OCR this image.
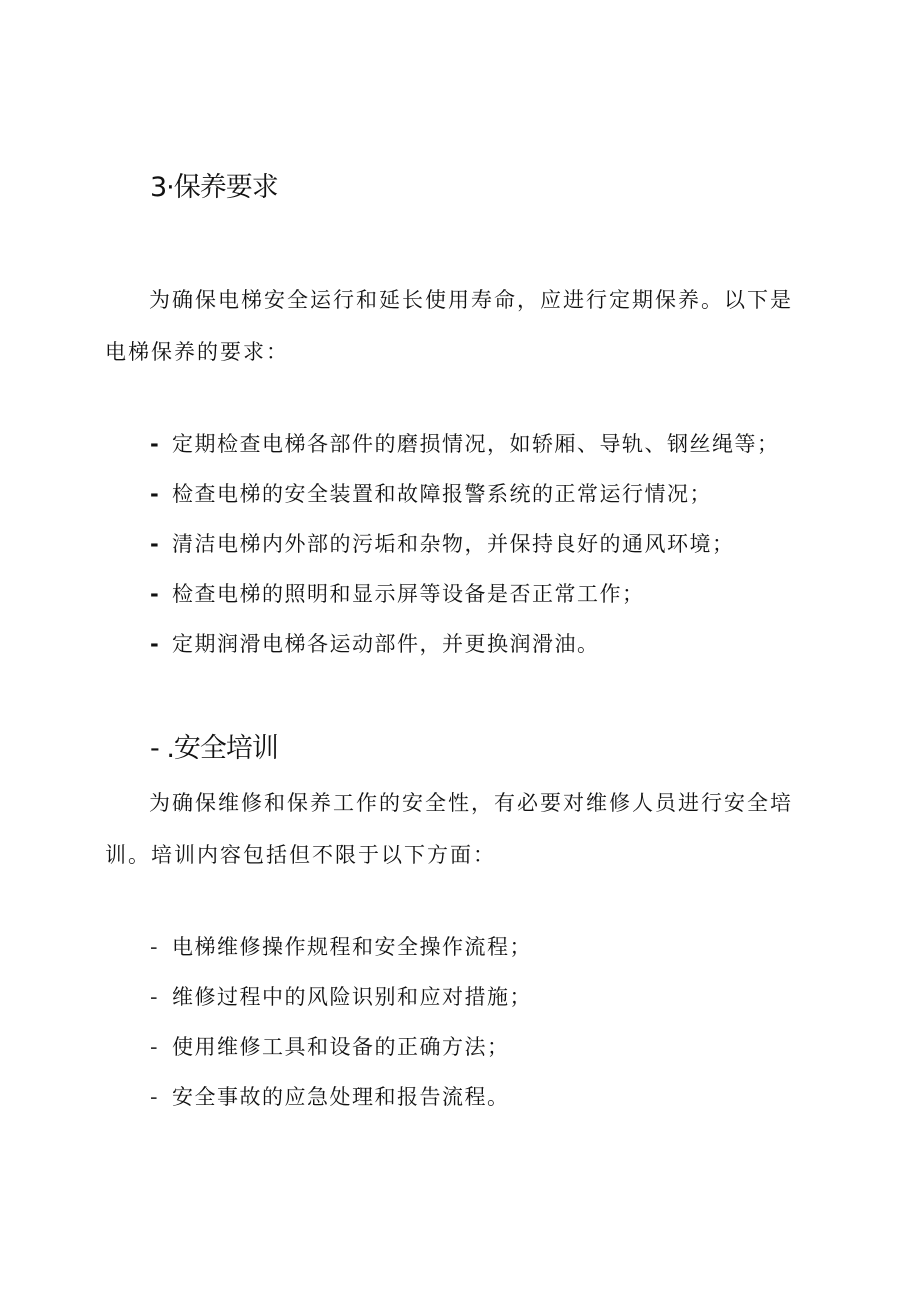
3·保养要求
为确保电梯安全运行和延长使用寿命，应进行定期保养。以下是电梯保养的要求：
- 定期检查电梯各部件的磨损情况，如轿厢、导轨、钢丝绳等；
- 检查电梯的安全装置和故障报警系统的正常运行情况；
- 清洁电梯内外部的污垢和杂物，并保持良好的通风环境；
- 检查电梯的照明和显示屏等设备是否正常工作；
- 定期润滑电梯各运动部件，并更换润滑油。
- .安全培训
为确保维修和保养工作的安全性，有必要对维修人员进行安全培训。培训内容包括但不限于以下方面：
- 电梯维修操作规程和安全操作流程；
- 维修过程中的风险识别和应对措施；
- 使用维修工具和设备的正确方法；
- 安全事故的应急处理和报告流程。
